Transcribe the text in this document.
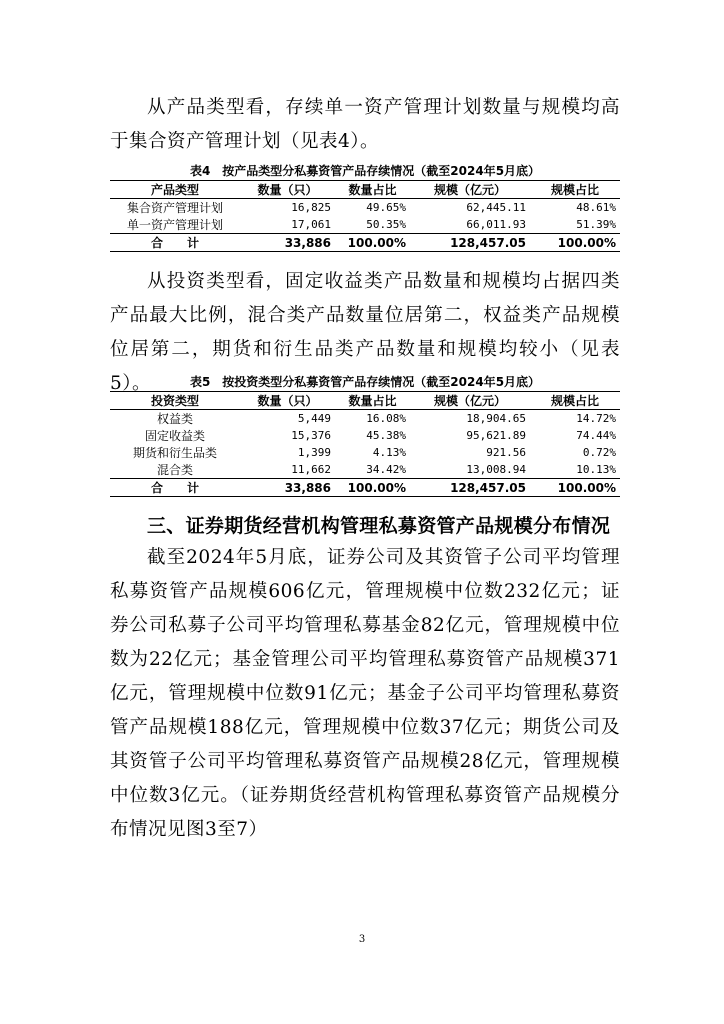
从产品类型看，存续单一资产管理计划数量与规模均高于集合资产管理计划（见表4）。

表4　按产品类型分私募资管产品存续情况（截至2024年5月底）

产品类型	数量（只）	数量占比	规模（亿元）	规模占比
集合资产管理计划	16,825	49.65%	62,445.11	48.61%
单一资产管理计划	17,061	50.35%	66,011.93	51.39%
合　　计	33,886	100.00%	128,457.05	100.00%

从投资类型看，固定收益类产品数量和规模均占据四类产品最大比例，混合类产品数量位居第二，权益类产品规模位居第二，期货和衍生品类产品数量和规模均较小（见表5）。	表5　按投资类型分私募资管产品存续情况（截至2024年5月底）

投资类型	数量（只）	数量占比	规模（亿元）	规模占比
权益类	5,449	16.08%	18,904.65	14.72%
固定收益类	15,376	45.38%	95,621.89	74.44%
期货和衍生品类	1,399	4.13%	921.56	0.72%
混合类	11,662	34.42%	13,008.94	10.13%
合　　计	33,886	100.00%	128,457.05	100.00%

三、证券期货经营机构管理私募资管产品规模分布情况

截至2024年5月底，证券公司及其资管子公司平均管理私募资管产品规模606亿元，管理规模中位数232亿元；证券公司私募子公司平均管理私募基金82亿元，管理规模中位数为22亿元；基金管理公司平均管理私募资管产品规模371亿元，管理规模中位数91亿元；基金子公司平均管理私募资管产品规模188亿元，管理规模中位数37亿元；期货公司及其资管子公司平均管理私募资管产品规模28亿元，管理规模中位数3亿元。（证券期货经营机构管理私募资管产品规模分布情况见图3至7）

3
